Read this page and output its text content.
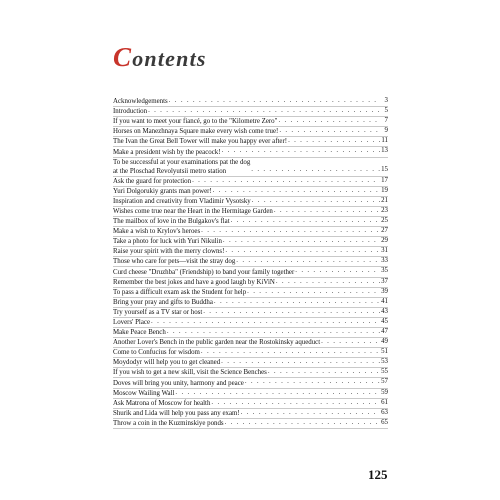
Contents
Acknowledgements . . .	3
Introduction . . .	5
If you want to meet your fiancé, go to the "Kilometre Zero" . . .	7
Horses on Manezhnaya Square make every wish come true! . . .	9
The Ivan the Great Bell Tower will make you happy ever after! . . .	11
Make a president wish by the peacock! . . .	13
To be successful at your examinations pat the dog
at the Ploschad Revolyutsii metro station . . .	15
Ask the guard for protection . . .	17
Yuri Dolgorukiy grants man power! . . .	19
Inspiration and creativity from Vladimir Vysotsky . . .	21
Wishes come true near the Heart in the Hermitage Garden . . .	23
The mailbox of love in the Bulgakov's flat . . .	25
Make a wish to Krylov's heroes . . .	27
Take a photo for luck with Yuri Nikulin . . .	29
Raise your spirit with the merry clowns! . . .	31
Those who care for pets—visit the stray dog . . .	33
Curd cheese "Druzhba" (Friendship) to band your family together . . .	35
Remember the best jokes and have a good laugh by KiViN . . .	37
To pass a difficult exam ask the Student for help . . .	39
Bring your pray and gifts to Buddha . . .	41
Try yourself as a TV star or host . . .	43
Lovers' Place . . .	45
Make Peace Bench . . .	47
Another Lover's Bench in the public garden near the Rostokinsky aqueduct . . .	49
Come to Confucius for wisdom . . .	51
Moydodyr will help you to get cleaned . . .	53
If you wish to get a new skill, visit the Science Benches . . .	55
Doves will bring you unity, harmony and peace . . .	57
Moscow Wailing Wall . . .	59
Ask Matrona of Moscow for health . . .	61
Shurik and Lida will help you pass any exam! . . .	63
Throw a coin in the Kuzminskiye ponds . . .	65
125
